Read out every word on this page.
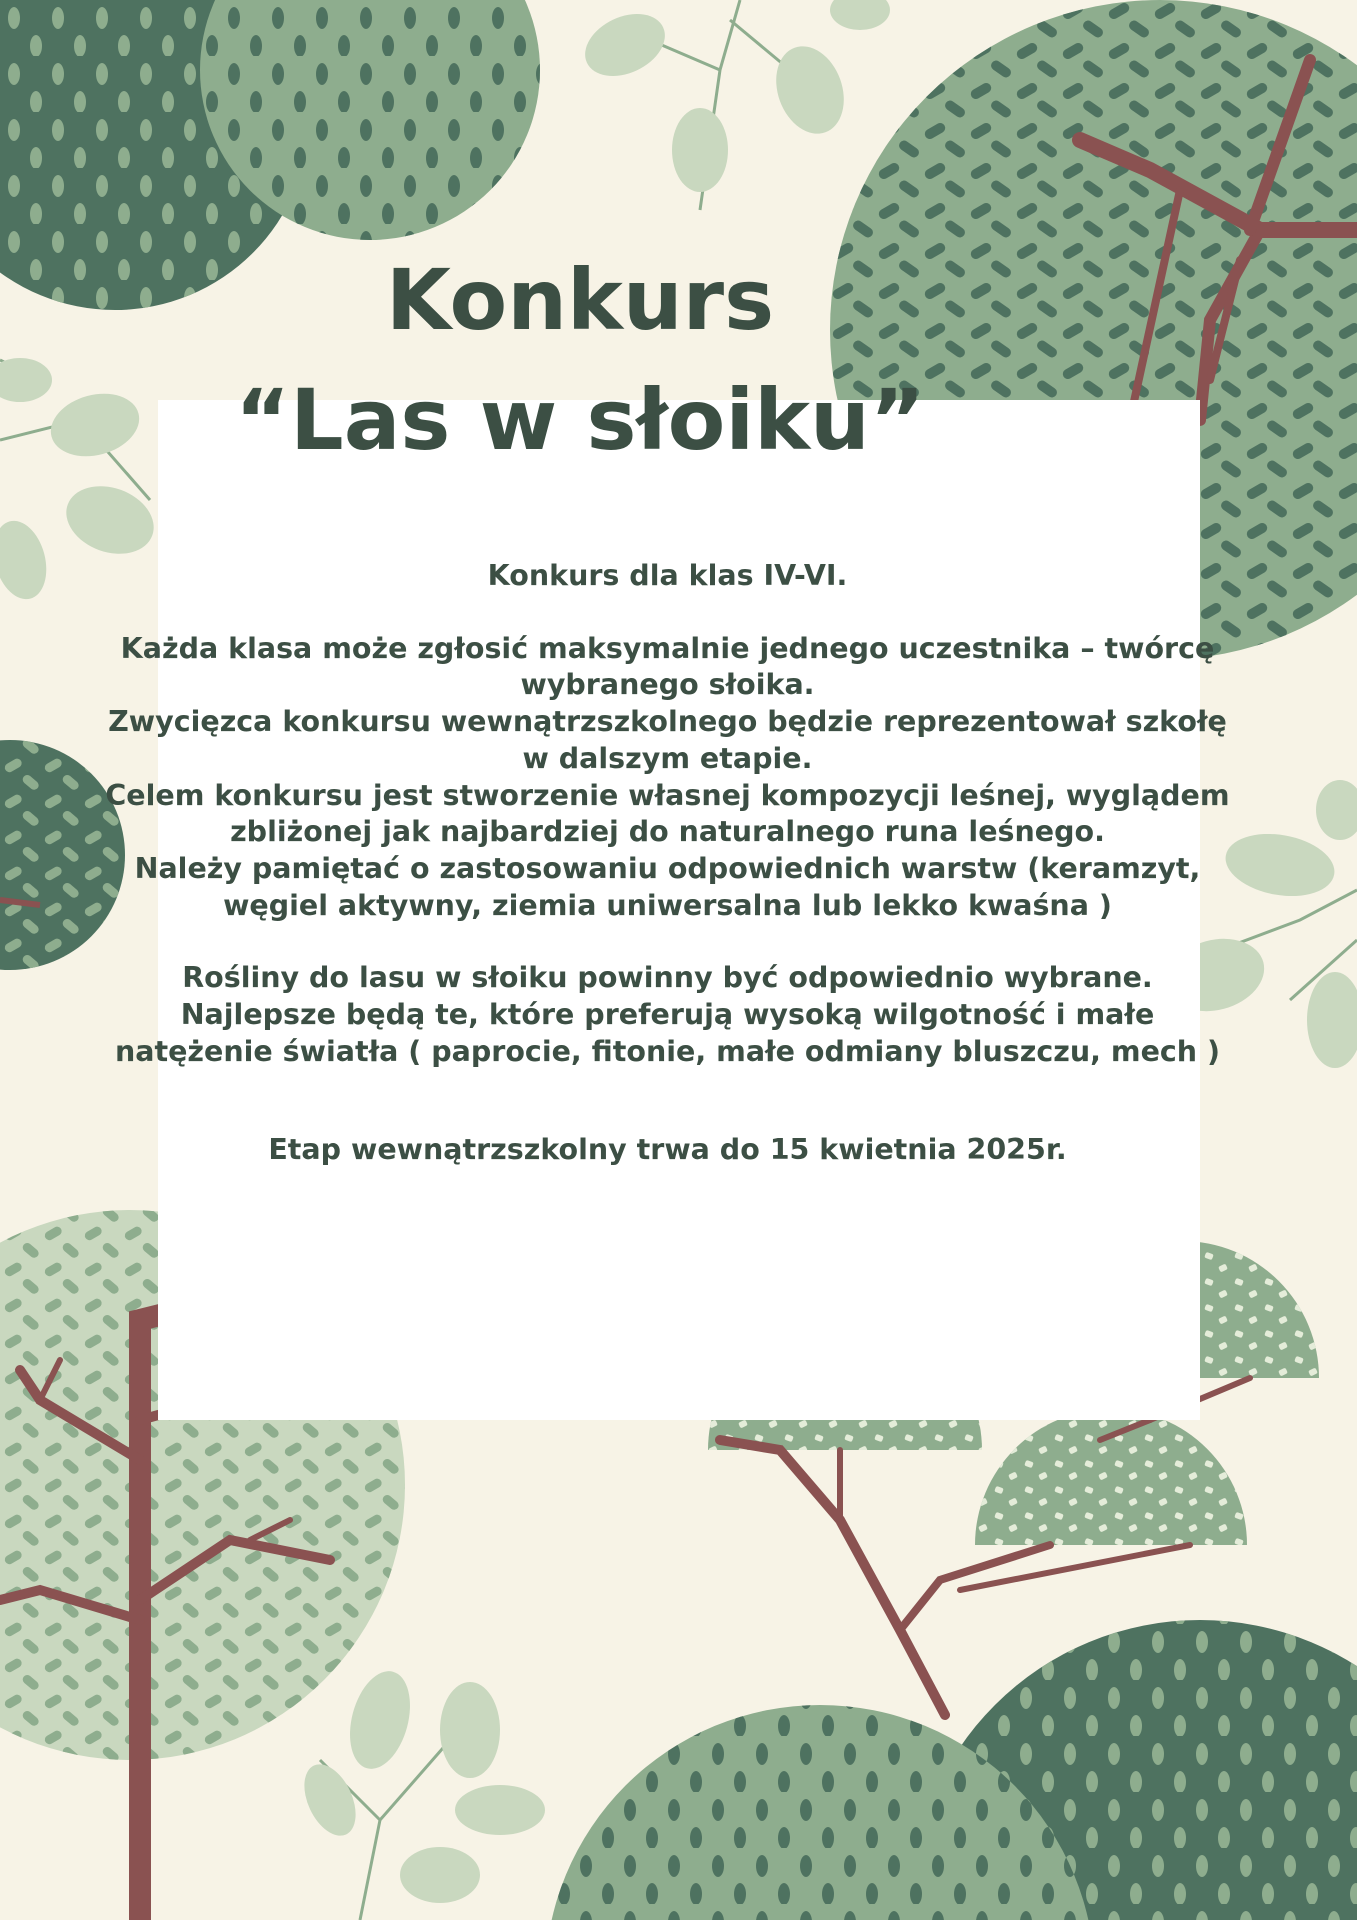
Konkurs
“Las w słoiku”

Konkurs dla klas IV-VI.

Każda klasa może zgłosić maksymalnie jednego uczestnika – twórcę

wybranego słoika.

Zwycięzca konkursu wewnątrzszkolnego będzie reprezentował szkołę

w dalszym etapie.

Celem konkursu jest stworzenie własnej kompozycji leśnej, wyglądem

zbliżonej jak najbardziej do naturalnego runa leśnego.

Należy pamiętać o zastosowaniu odpowiednich warstw (keramzyt,

węgiel aktywny, ziemia uniwersalna lub lekko kwaśna )

Rośliny do lasu w słoiku powinny być odpowiednio wybrane.

Najlepsze będą te, które preferują wysoką wilgotność i małe

natężenie światła ( paprocie, fitonie, małe odmiany bluszczu, mech )

Etap wewnątrzszkolny trwa do 15 kwietnia 2025r.
